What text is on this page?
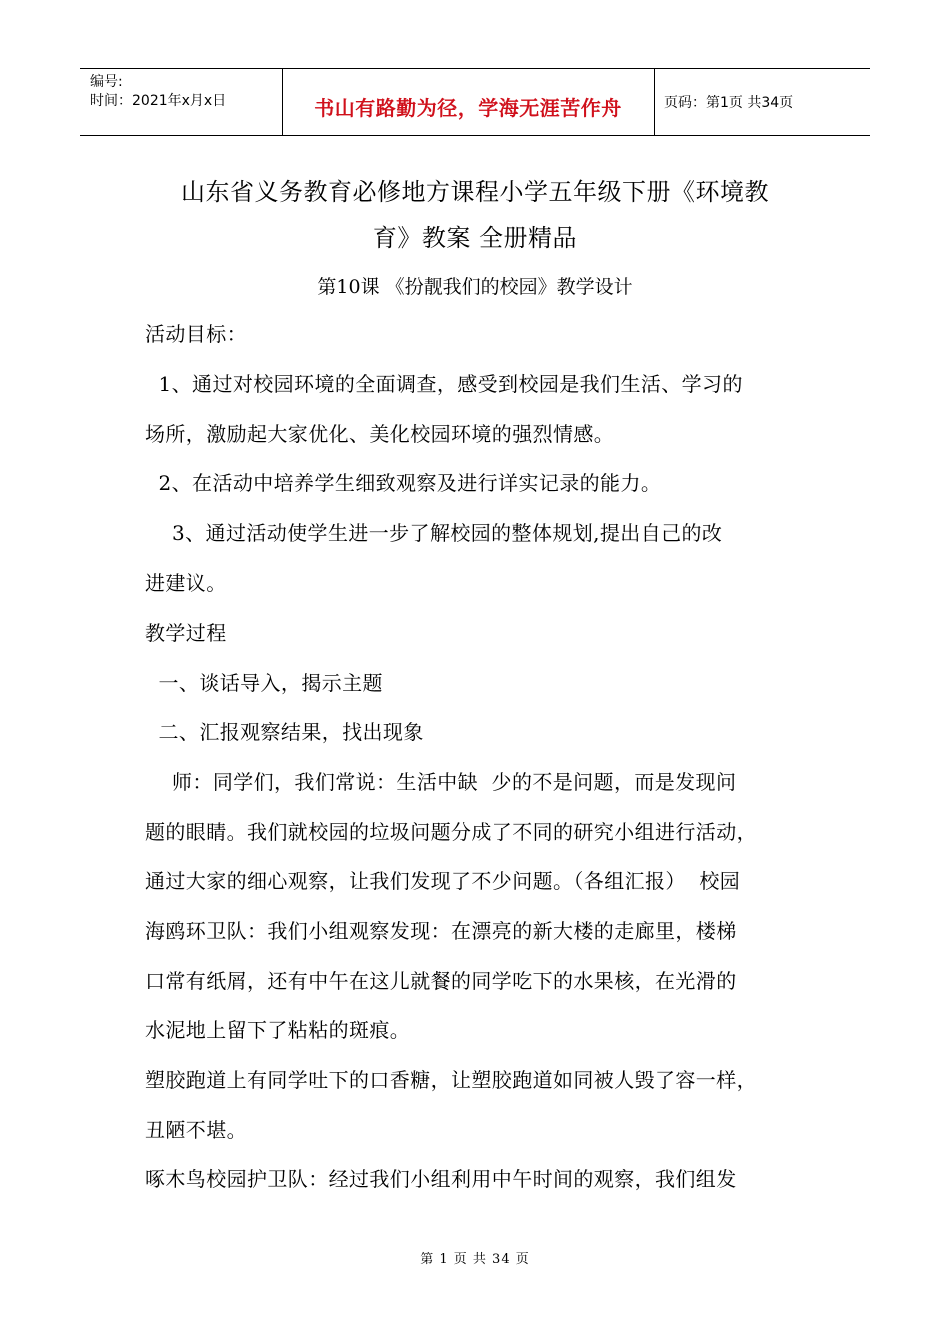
编号:
时间：2021年x月x日	书山有路勤为径，学海无涯苦作舟	页码：第1页 共34页
山东省义务教育必修地方课程小学五年级下册《环境教
育》教案 全册精品
第10课 《扮靓我们的校园》教学设计
活动目标：
1、通过对校园环境的全面调查，感受到校园是我们生活、学习的
场所，激励起大家优化、美化校园环境的强烈情感。
2、在活动中培养学生细致观察及进行详实记录的能力。
3、通过活动使学生进一步了解校园的整体规划,提出自己的改
进建议。
教学过程
一、谈话导入，揭示主题
二、汇报观察结果，找出现象
师：同学们，我们常说：生活中缺  少的不是问题，而是发现问
题的眼睛。我们就校园的垃圾问题分成了不同的研究小组进行活动，
通过大家的细心观察，让我们发现了不少问题。（各组汇报）  校园
海鸥环卫队：我们小组观察发现：在漂亮的新大楼的走廊里，楼梯
口常有纸屑，还有中午在这儿就餐的同学吃下的水果核，在光滑的
水泥地上留下了粘粘的斑痕。
塑胶跑道上有同学吐下的口香糖，让塑胶跑道如同被人毁了容一样，
丑陋不堪。
啄木鸟校园护卫队：经过我们小组利用中午时间的观察，我们组发
第 1 页 共 34 页
